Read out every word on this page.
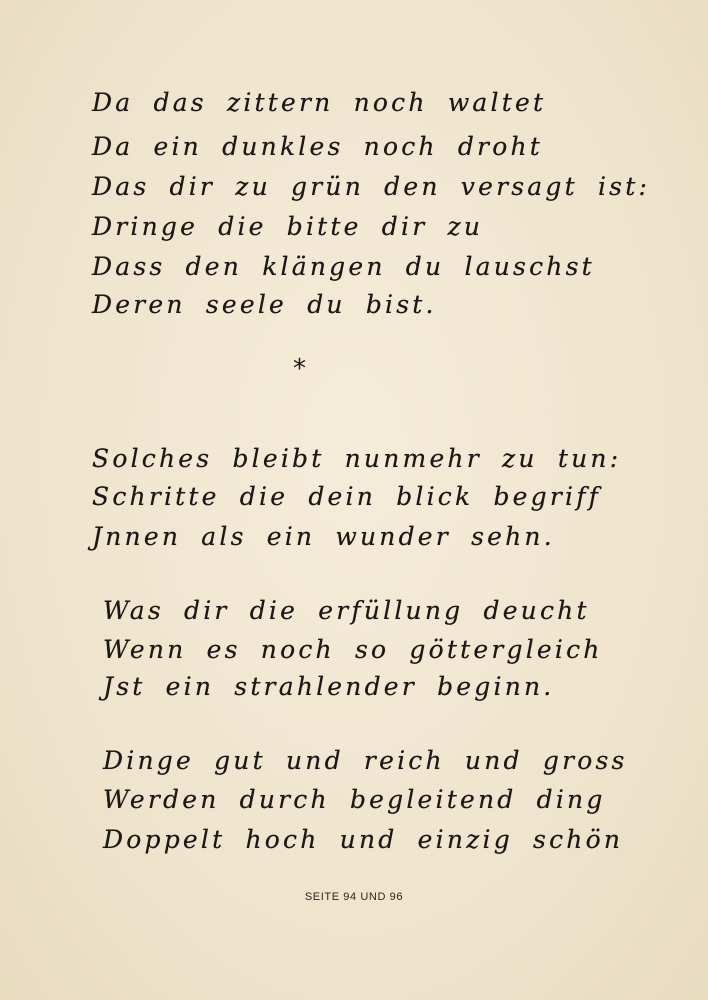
Da das zittern noch waltet
Da ein dunkles noch droht
Das dir zu grün den versagt ist:
Dringe die bitte dir zu
Dass den klängen du lauschst
Deren seele du bist.
*
Solches bleibt nunmehr zu tun:
Schritte die dein blick begriff
Jnnen als ein wunder sehn.
Was dir die erfüllung deucht
Wenn es noch so göttergleich
Jst ein strahlender beginn.
Dinge gut und reich und gross
Werden durch begleitend ding
Doppelt hoch und einzig schön
SEITE 94 UND 96
